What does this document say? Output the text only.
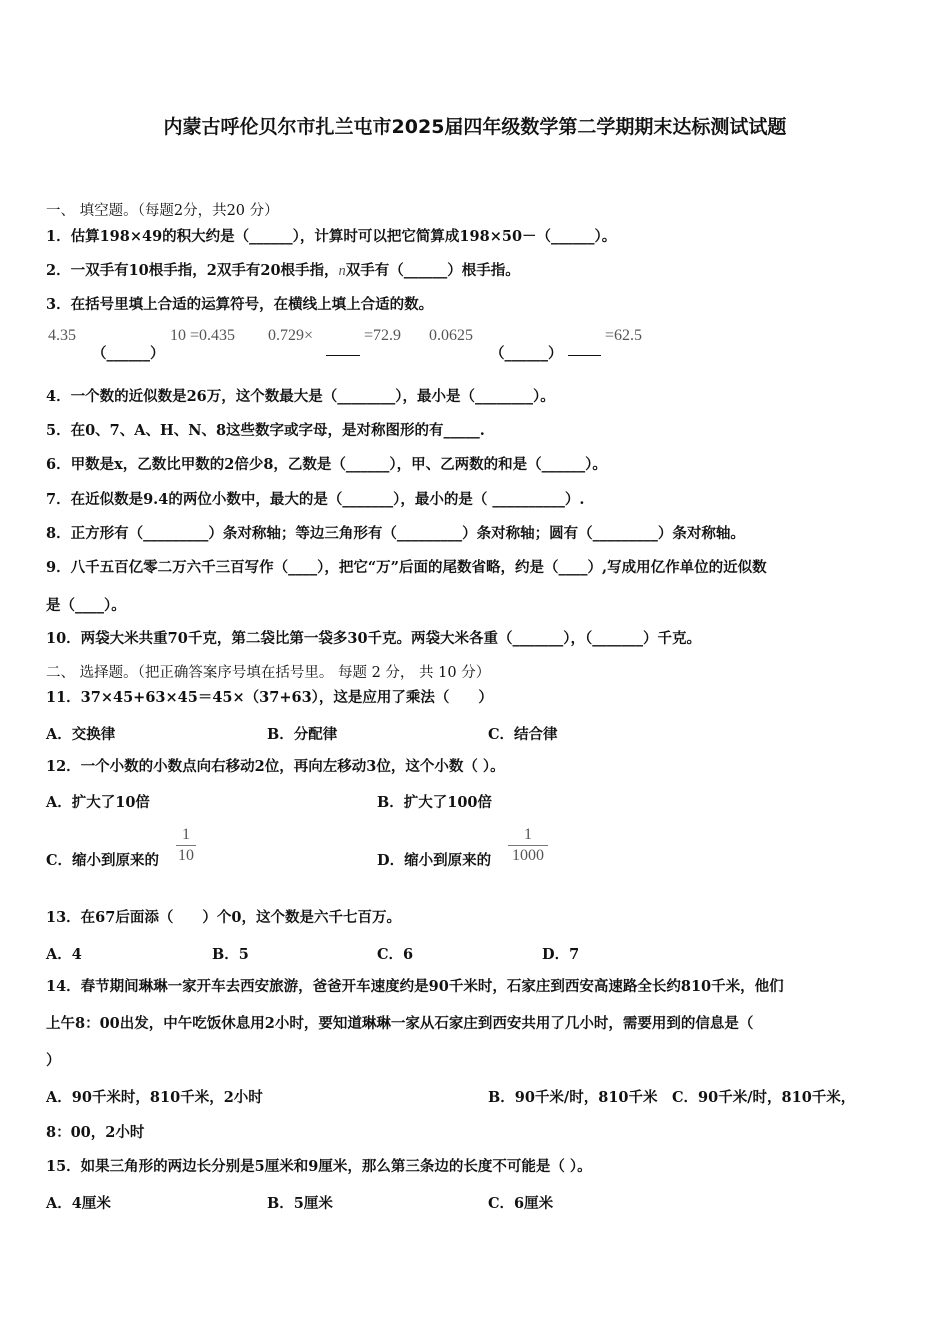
内蒙古呼伦贝尔市扎兰屯市2025届四年级数学第二学期期末达标测试试题
一、 填空题。（每题2分，共20 分）
1．估算198×49的积大约是（______），计算时可以把它简算成198×50－（______）。
2．一双手有10根手指，2双手有20根手指，n双手有（______）根手指。
3．在括号里填上合适的运算符号，在横线上填上合适的数。
4.35
（______）
10 =0.435 0.729×	=72.9 0.0625
（______）
=62.5
4．一个数的近似数是26万，这个数最大是（________），最小是（________）。
5．在0、7、A、H、N、8这些数字或字母，是对称图形的有_____.
6．甲数是x，乙数比甲数的2倍少8，乙数是（______），甲、乙两数的和是（______）。
7．在近似数是9.4的两位小数中，最大的是（_______），最小的是（ __________）.
8．正方形有（_________）条对称轴；等边三角形有（_________）条对称轴；圆有（_________）条对称轴。
9．八千五百亿零二万六千三百写作（____），把它“万”后面的尾数省略，约是（____）,写成用亿作单位的近似数
是（____）。
10．两袋大米共重70千克，第二袋比第一袋多30千克。两袋大米各重（_______），（_______）千克。
二、 选择题。（把正确答案序号填在括号里。 每题 2 分， 共 10 分）
11．37×45+63×45＝45×（37+63），这是应用了乘法（　　）
A．交换律	B．分配律	C．结合律
12．一个小数的小数点向右移动2位，再向左移动3位，这个小数（ ）。
A．扩大了10倍	B．扩大了100倍
C．缩小到原来的
1
10	D．缩小到原来的
1
1000
13．在67后面添（　　）个0，这个数是六千七百万。
A．4	B．5	C．6	D．7
14．春节期间琳琳一家开车去西安旅游，爸爸开车速度约是90千米时，石家庄到西安高速路全长约810千米，他们
上午8：00出发，中午吃饭休息用2小时，要知道琳琳一家从石家庄到西安共用了几小时，需要用到的信息是（
）
A．90千米时，810千米，2小时	B．90千米/时，810千米　C．90千米/时，810千米，
8：00，2小时
15．如果三角形的两边长分别是5厘米和9厘米，那么第三条边的长度不可能是（ ）。
A．4厘米	B．5厘米	C．6厘米
